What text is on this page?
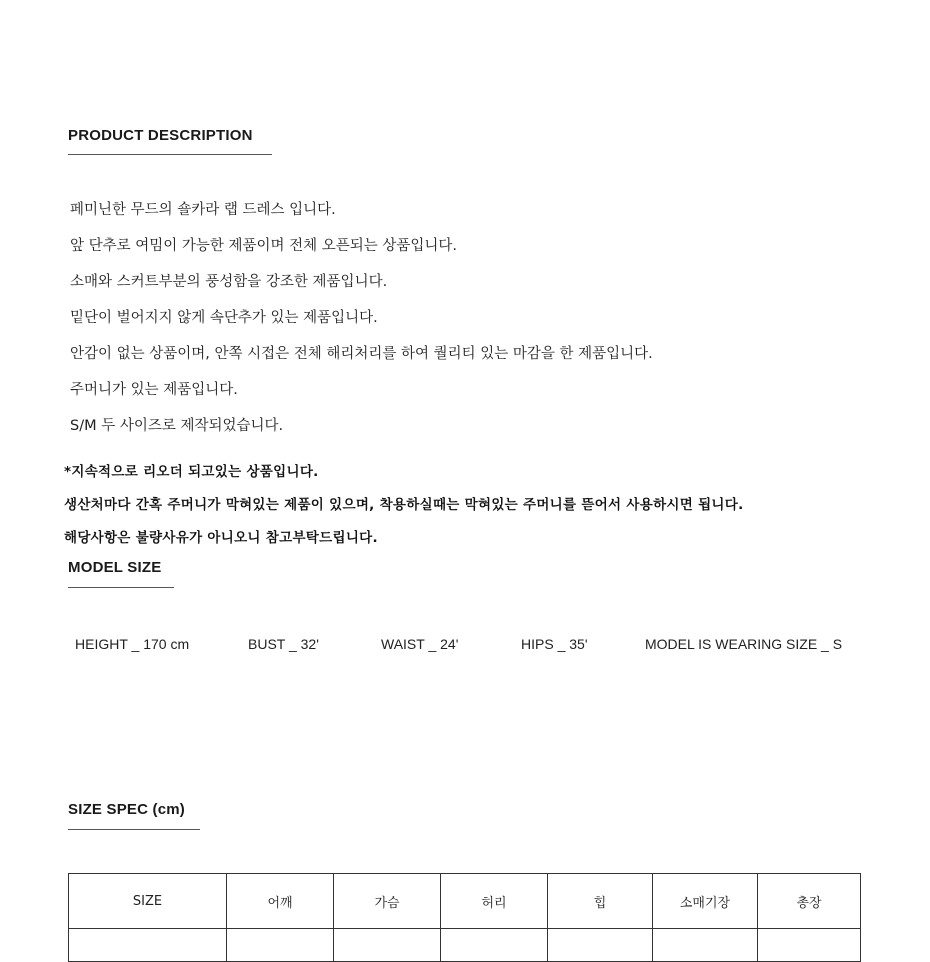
PRODUCT DESCRIPTION
페미닌한 무드의 숄카라 랩 드레스 입니다.
앞 단추로 여밈이 가능한 제품이며 전체 오픈되는 상품입니다.
소매와 스커트부분의 풍성함을 강조한 제품입니다.
밑단이 벌어지지 않게 속단추가 있는 제품입니다.
안감이 없는 상품이며, 안쪽 시접은 전체 해리처리를 하여 퀄리티 있는 마감을 한 제품입니다.
주머니가 있는 제품입니다.
S/M 두 사이즈로 제작되었습니다.
*지속적으로 리오더 되고있는 상품입니다.
생산처마다 간혹 주머니가 막혀있는 제품이 있으며, 착용하실때는 막혀있는 주머니를 뜯어서 사용하시면 됩니다.
해당사항은 불량사유가 아니오니 참고부탁드립니다.
MODEL SIZE
HEIGHT _ 170 cm	BUST _ 32'	WAIST _ 24'	HIPS _ 35'	MODEL IS WEARING SIZE _ S
SIZE SPEC (cm)
SIZE	어깨	가슴	허리	힙	소매기장	총장
